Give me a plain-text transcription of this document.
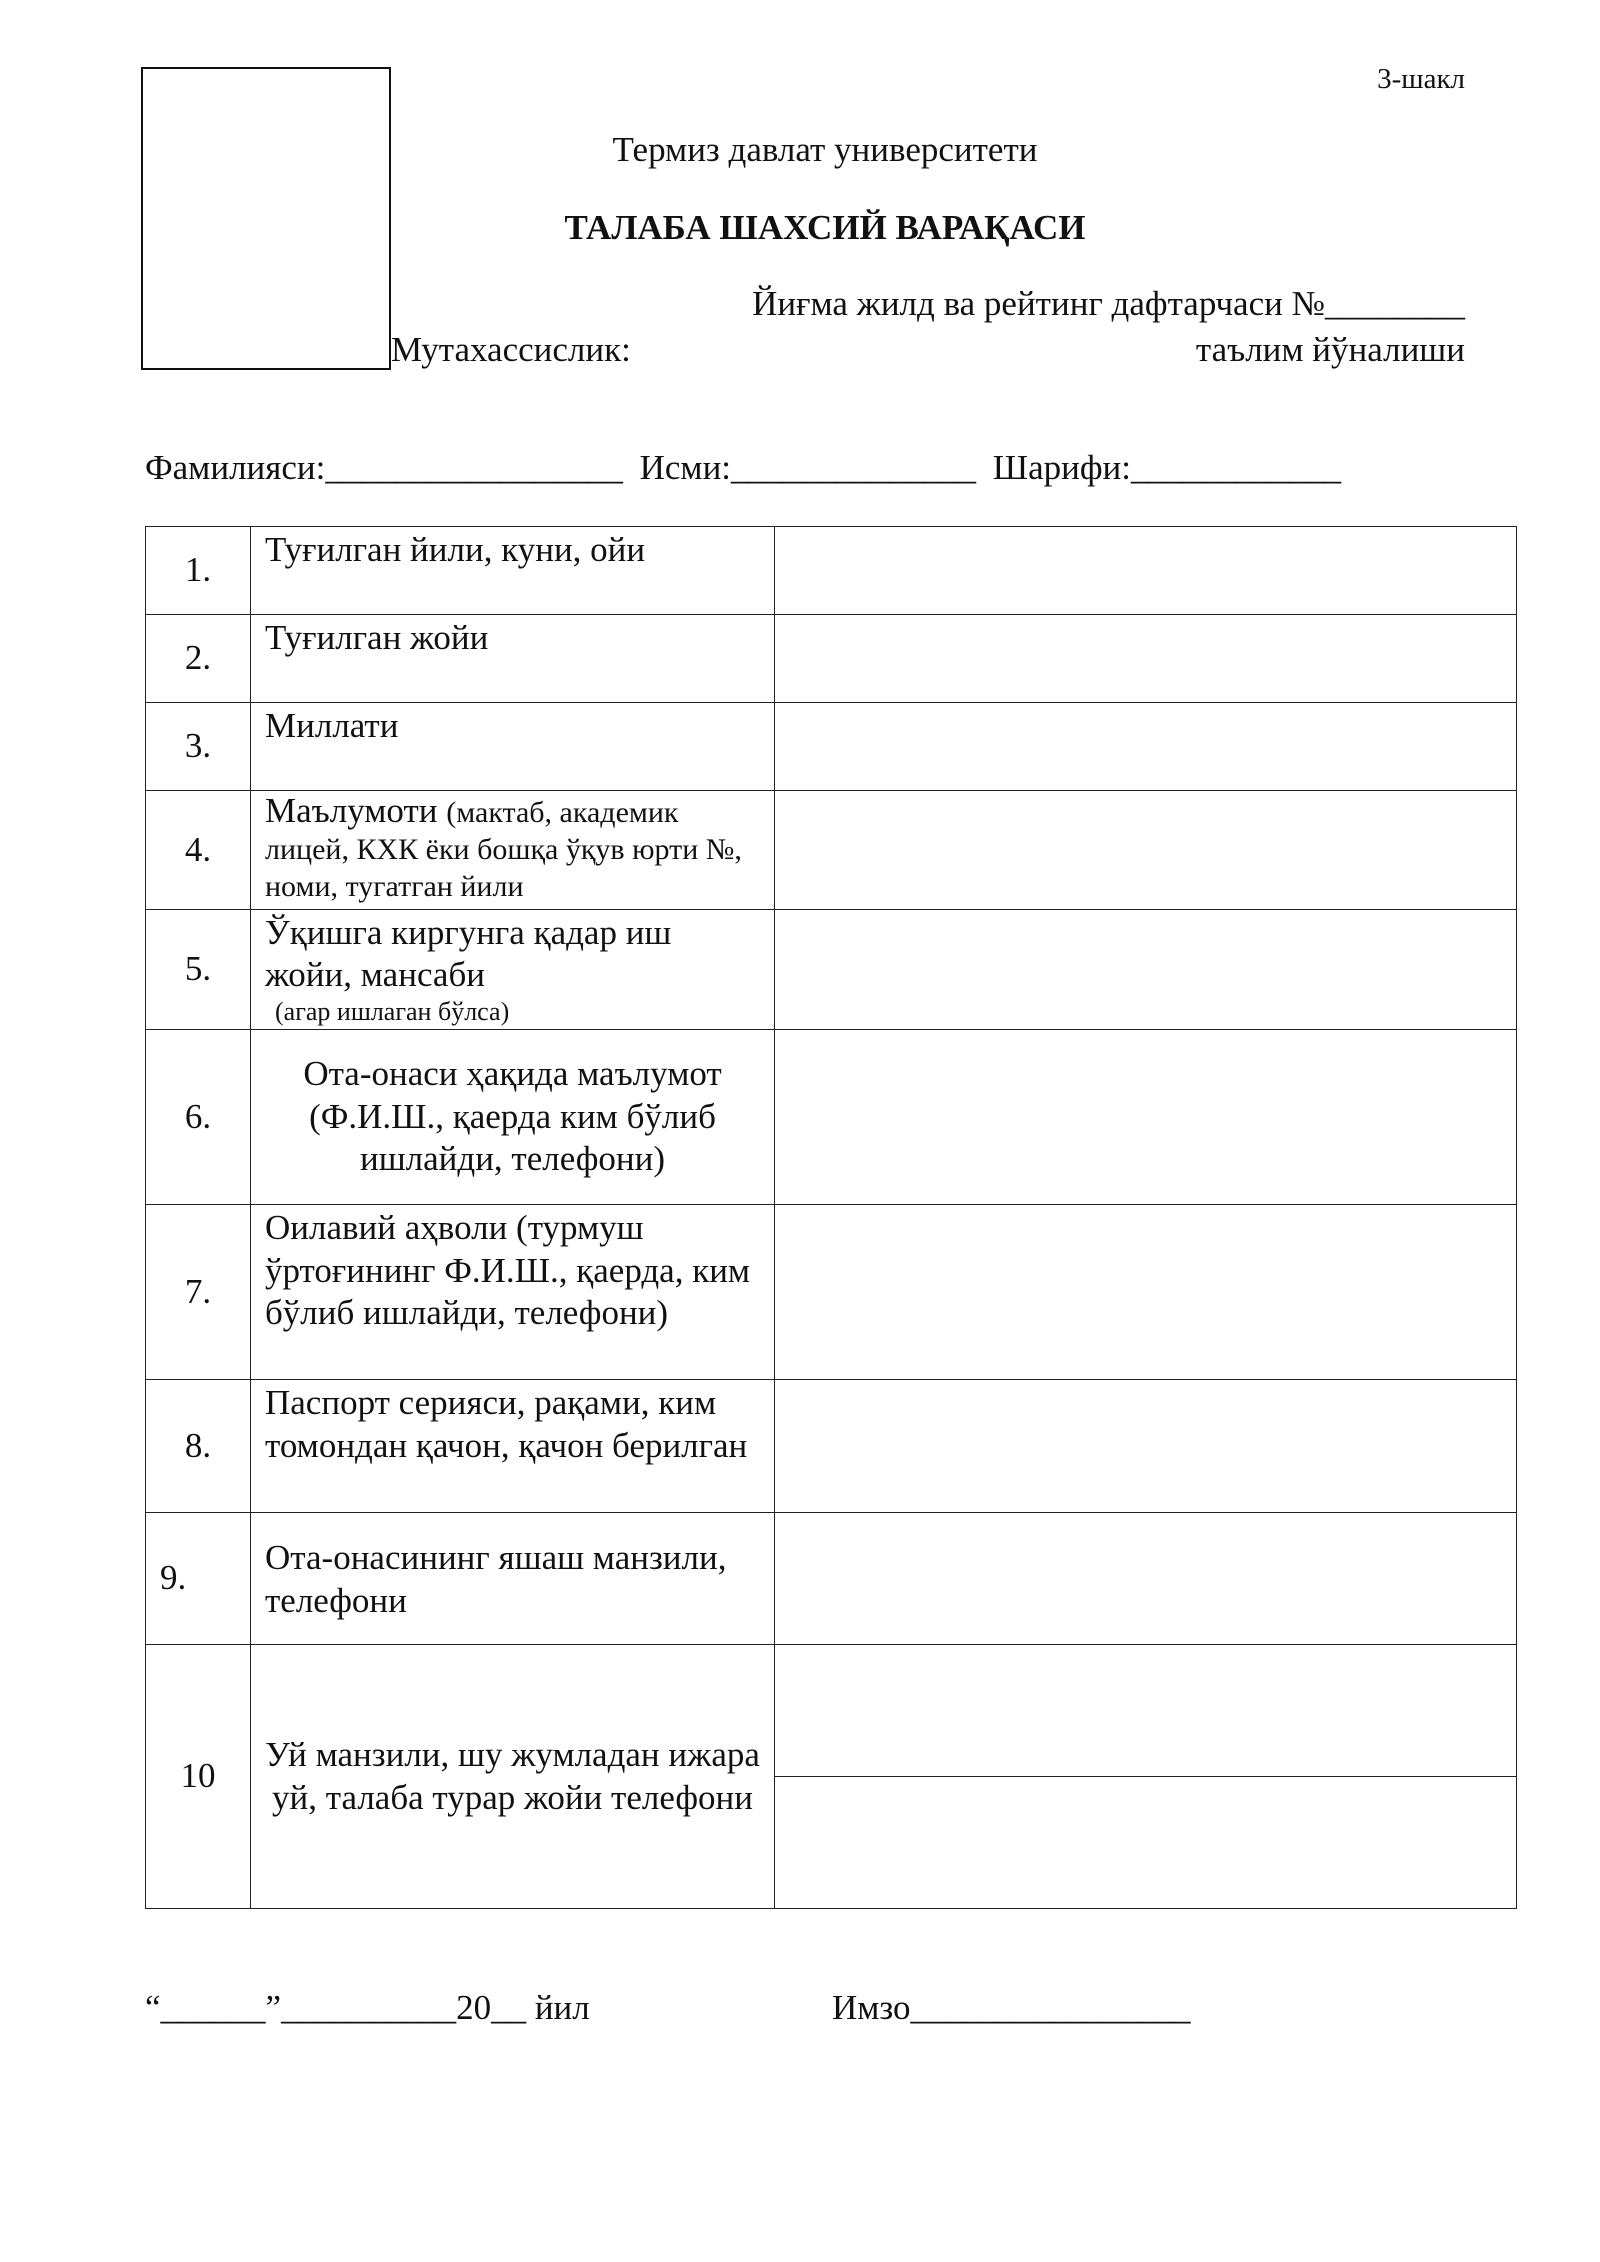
3-шакл
Термиз давлат университети
ТАЛАБА ШАХСИЙ ВАРАҚАСИ
Йиғма жилд ва рейтинг дафтарчаси №________
Мутахассислик:	таълим йўналиши
Фамилияси:_________________ Исми:______________ Шарифи:____________
1.	Туғилган йили, куни, ойи	
2.	Туғилган жойи	
3.	Миллати	
4.	Маълумоти (мактаб, академик лицей, КХК ёки бошқа ўқув юрти №, номи, тугатган йили	
5.	Ўқишга киргунга қадар иш жойи, мансаби
(агар ишлаган бўлса)	

6.	Ота-онаси ҳақида маълумот (Ф.И.Ш., қаерда ким бўлиб ишлайди, телефони)	
7.	Оилавий аҳволи (турмуш ўртоғининг Ф.И.Ш., қаерда, ким бўлиб ишлайди, телефони)	
8.	Паспорт серияси, рақами, ким томондан қачон, қачон берилган	
9.	Ота-онасининг яшаш манзили, телефони	
10	Уй манзили, шу жумладан ижара уй, талаба турар жойи телефони	
“______”__________20__ йил	Имзо________________
